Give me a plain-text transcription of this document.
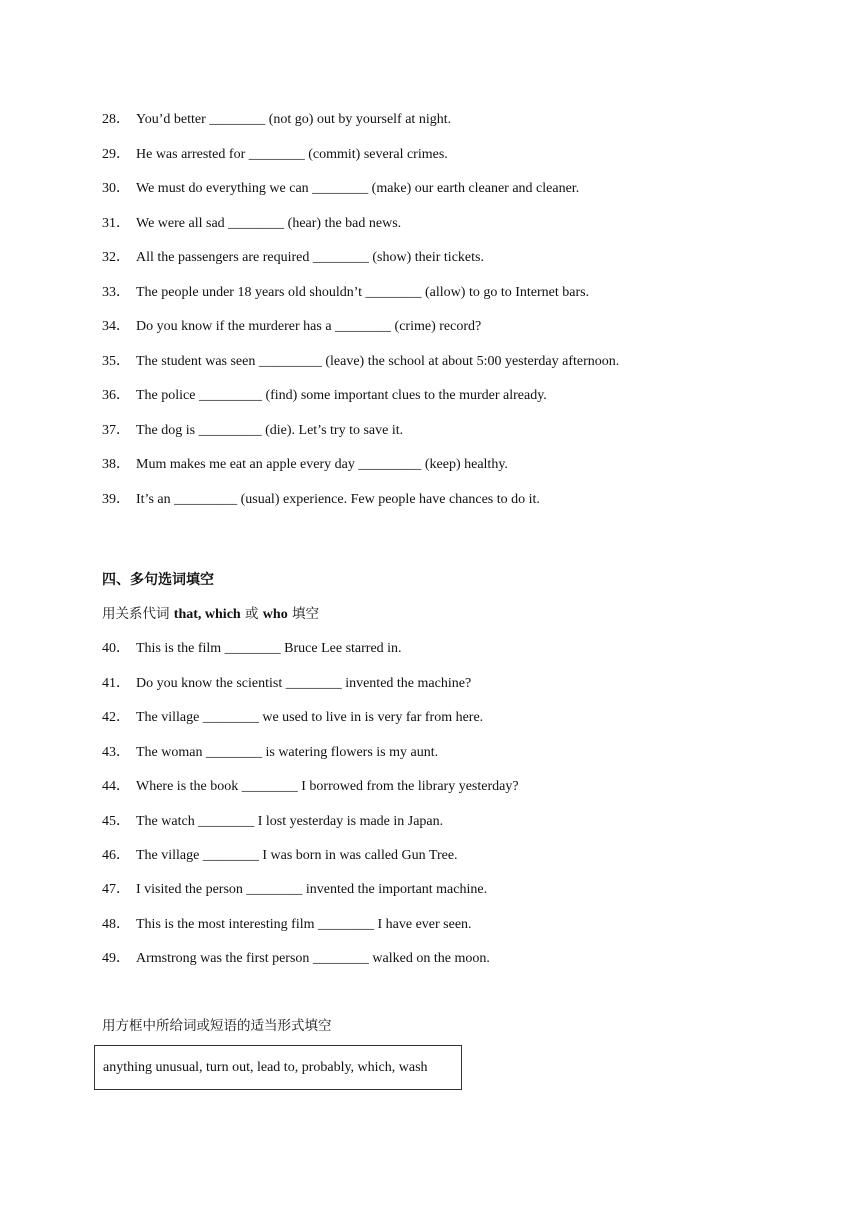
28． You’d better ________ (not go) out by yourself at night.
29． He was arrested for ________ (commit) several crimes.
30． We must do everything we can ________ (make) our earth cleaner and cleaner.
31． We were all sad ________ (hear) the bad news.
32． All the passengers are required ________ (show) their tickets.
33． The people under 18 years old shouldn’t ________ (allow) to go to Internet bars.
34． Do you know if the murderer has a ________ (crime) record?
35． The student was seen _________ (leave) the school at about 5:00 yesterday afternoon.
36． The police _________ (find) some important clues to the murder already.
37． The dog is _________ (die). Let’s try to save it.
38． Mum makes me eat an apple every day _________ (keep) healthy.
39． It’s an _________ (usual) experience. Few people have chances to do it.
四、多句选词填空
用关系代词 that, which 或 who 填空
40． This is the film ________ Bruce Lee starred in.
41． Do you know the scientist ________ invented the machine?
42． The village ________ we used to live in is very far from here.
43． The woman ________ is watering flowers is my aunt.
44． Where is the book ________ I borrowed from the library yesterday?
45． The watch ________ I lost yesterday is made in Japan.
46． The village ________ I was born in was called Gun Tree.
47． I visited the person ________ invented the important machine.
48． This is the most interesting film ________ I have ever seen.
49． Armstrong was the first person ________ walked on the moon.
用方框中所给词或短语的适当形式填空
anything unusual, turn out, lead to, probably, which, wash
